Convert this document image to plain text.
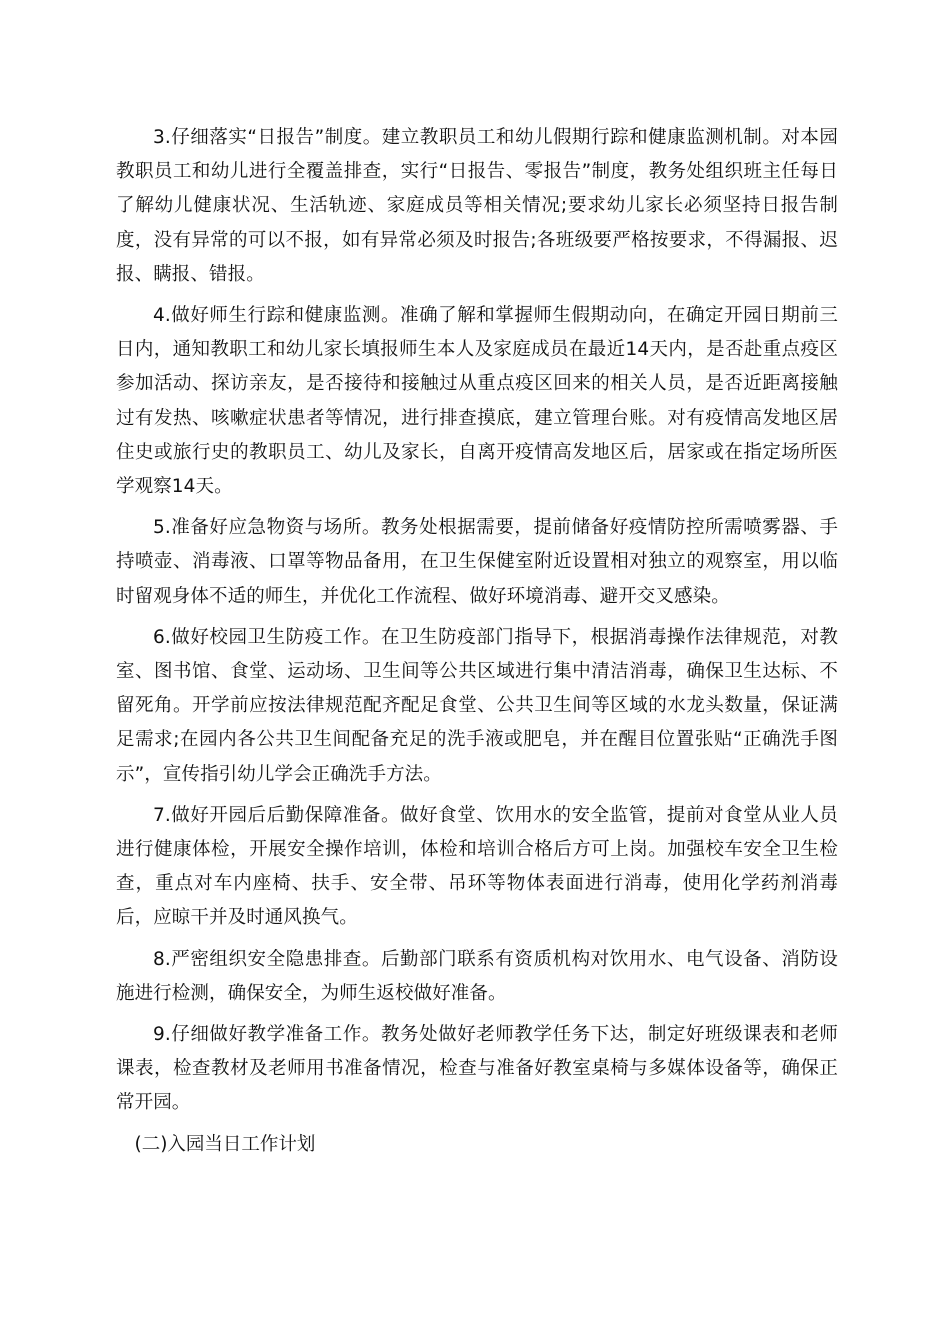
3.仔细落实“日报告”制度。建立教职员工和幼儿假期行踪和健康监测机制。对本园教职员工和幼儿进行全覆盖排查，实行“日报告、零报告”制度，教务处组织班主任每日了解幼儿健康状况、生活轨迹、家庭成员等相关情况;要求幼儿家长必须坚持日报告制度，没有异常的可以不报，如有异常必须及时报告;各班级要严格按要求，不得漏报、迟报、瞒报、错报。

4.做好师生行踪和健康监测。准确了解和掌握师生假期动向，在确定开园日期前三日内，通知教职工和幼儿家长填报师生本人及家庭成员在最近14天内，是否赴重点疫区参加活动、探访亲友，是否接待和接触过从重点疫区回来的相关人员，是否近距离接触过有发热、咳嗽症状患者等情况，进行排查摸底，建立管理台账。对有疫情高发地区居住史或旅行史的教职员工、幼儿及家长，自离开疫情高发地区后，居家或在指定场所医学观察14天。

5.准备好应急物资与场所。教务处根据需要，提前储备好疫情防控所需喷雾器、手持喷壶、消毒液、口罩等物品备用，在卫生保健室附近设置相对独立的观察室，用以临时留观身体不适的师生，并优化工作流程、做好环境消毒、避开交叉感染。

6.做好校园卫生防疫工作。在卫生防疫部门指导下，根据消毒操作法律规范，对教室、图书馆、食堂、运动场、卫生间等公共区域进行集中清洁消毒，确保卫生达标、不留死角。开学前应按法律规范配齐配足食堂、公共卫生间等区域的水龙头数量，保证满足需求;在园内各公共卫生间配备充足的洗手液或肥皂，并在醒目位置张贴“正确洗手图示”，宣传指引幼儿学会正确洗手方法。

7.做好开园后后勤保障准备。做好食堂、饮用水的安全监管，提前对食堂从业人员进行健康体检，开展安全操作培训，体检和培训合格后方可上岗。加强校车安全卫生检查，重点对车内座椅、扶手、安全带、吊环等物体表面进行消毒，使用化学药剂消毒后，应晾干并及时通风换气。

8.严密组织安全隐患排查。后勤部门联系有资质机构对饮用水、电气设备、消防设施进行检测，确保安全，为师生返校做好准备。

9.仔细做好教学准备工作。教务处做好老师教学任务下达，制定好班级课表和老师课表，检查教材及老师用书准备情况，检查与准备好教室桌椅与多媒体设备等，确保正常开园。

(二)入园当日工作计划
